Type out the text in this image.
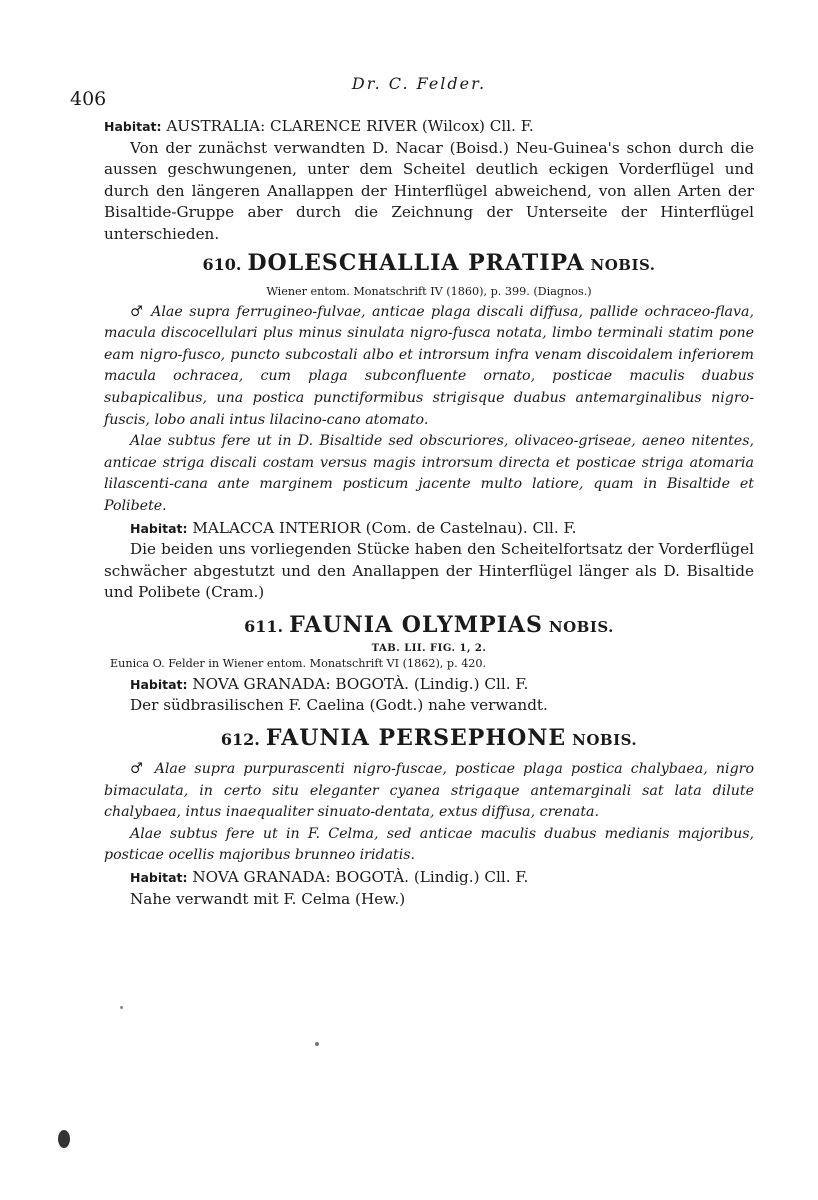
406
Dr. C. Felder.

Habitat: AUSTRALIA: CLARENCE RIVER (Wilcox) Cll. F.

Von der zunächst verwandten D. Nacar (Boisd.) Neu-Guinea's schon durch die aussen geschwungenen, unter dem Scheitel deutlich eckigen Vorderflügel und durch den längeren Anallappen der Hinterflügel abweichend, von allen Arten der Bisaltide-Gruppe aber durch die Zeichnung der Unterseite der Hinterflügel unterschieden.

610. DOLESCHALLIA PRATIPA NOBIS.
Wiener entom. Monatschrift IV (1860), p. 399. (Diagnos.)

♂ Alae supra ferrugineo-fulvae, anticae plaga discali diffusa, pallide ochraceo-flava, macula discocellulari plus minus sinulata nigro-fusca notata, limbo terminali statim pone eam nigro-fusco, puncto subcostali albo et introrsum infra venam discoidalem inferiorem macula ochracea, cum plaga subconfluente ornato, posticae maculis duabus subapicalibus, una postica punctiformibus strigisque duabus antemarginalibus nigro-fuscis, lobo anali intus lilacino-cano atomato.

Alae subtus fere ut in D. Bisaltide sed obscuriores, olivaceo-griseae, aeneo nitentes, anticae striga discali costam versus magis introrsum directa et posticae striga atomaria lilascenti-cana ante marginem posticum jacente multo latiore, quam in Bisaltide et Polibete.

Habitat: MALACCA INTERIOR (Com. de Castelnau). Cll. F.

Die beiden uns vorliegenden Stücke haben den Scheitelfortsatz der Vorderflügel schwächer abgestutzt und den Anallappen der Hinterflügel länger als D. Bisaltide und Polibete (Cram.)

611. FAUNIA OLYMPIAS NOBIS.
TAB. LII. FIG. 1, 2.
Eunica O. Felder in Wiener entom. Monatschrift VI (1862), p. 420.

Habitat: NOVA GRANADA: BOGOTÀ. (Lindig.) Cll. F.

Der südbrasilischen F. Caelina (Godt.) nahe verwandt.

612. FAUNIA PERSEPHONE NOBIS.

♂ Alae supra purpurascenti nigro-fuscae, posticae plaga postica chalybaea, nigro bimaculata, in certo situ eleganter cyanea strigaque antemarginali sat lata dilute chalybaea, intus inaequaliter sinuato-dentata, extus diffusa, crenata.

Alae subtus fere ut in F. Celma, sed anticae maculis duabus medianis majoribus, posticae ocellis majoribus brunneo iridatis.

Habitat: NOVA GRANADA: BOGOTÀ. (Lindig.) Cll. F.

Nahe verwandt mit F. Celma (Hew.)
